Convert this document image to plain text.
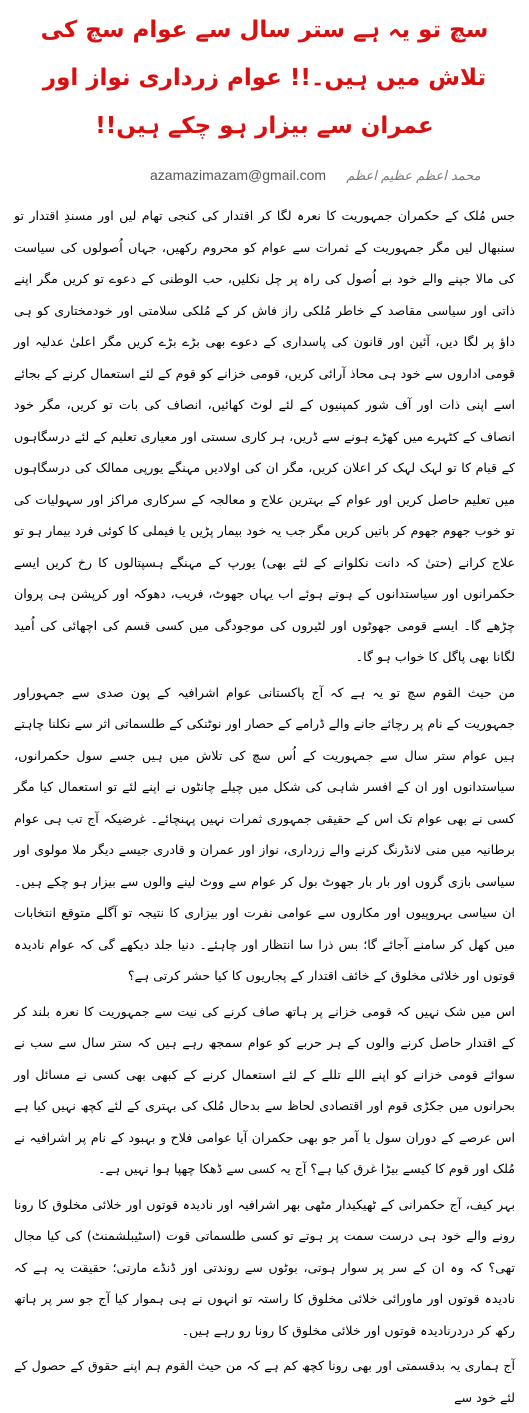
سچ تو یہ ہے ستر سال سے عوام سچ کی تلاش میں ہیں۔!! عوام زرداری نواز اور عمران سے بیزار ہو چکے ہیں!!
azamazimazam@gmail.com محمد اعظم عظیم اعظم

جس مُلک کے حکمران جمہوریت کا نعرہ لگا کر اقتدار کی کنجی تھام لیں اور مسندِ اقتدار تو سنبھال لیں مگر جمہوریت کے ثمرات سے عوام کو محروم رکھیں، جہاں اُصولوں کی سیاست کی مالا جپنے والے خود بے اُصول کی راہ پر چل نکلیں، حب الوطنی کے دعوے تو کریں مگر اپنے ذاتی اور سیاسی مقاصد کے خاطر مُلکی راز فاش کر کے مُلکی سلامتی اور خودمختاری کو ہی داؤ پر لگا دیں، آئین اور قانون کی پاسداری کے دعوے بھی بڑے بڑے کریں مگر اعلیٰ عدلیہ اور قومی اداروں سے خود ہی محاذ آرائی کریں، قومی خزانے کو قوم کے لئے استعمال کرنے کے بجائے اسے اپنی ذات اور آف شور کمپنیوں کے لئے لوٹ کھائیں، انصاف کی بات تو کریں، مگر خود انصاف کے کٹہرے میں کھڑے ہونے سے ڈریں، ہر کاری سستی اور معیاری تعلیم کے لئے درسگاہوں کے قیام کا تو لہک لہک کر اعلان کریں، مگر ان کی اولادیں مہنگے یورپی ممالک کی درسگاہوں میں تعلیم حاصل کریں اور عوام کے بہترین علاج و معالجہ کے سرکاری مراکز اور سہولیات کی تو خوب جھوم جھوم کر باتیں کریں مگر جب یہ خود بیمار پڑیں یا فیملی کا کوئی فرد بیمار ہو تو علاج کرانے (حتیٰ کہ دانت نکلوانے کے لئے بھی) یورپ کے مہنگے ہسپتالوں کا رخ کریں ایسے حکمرانوں اور سیاستدانوں کے ہوتے ہوئے اب یہاں جھوٹ، فریب، دھوکہ اور کرپشن ہی پروان چڑھے گا۔ ایسے قومی جھوٹوں اور لٹیروں کی موجودگی میں کسی قسم کی اچھائی کی اُمید لگانا بھی پاگل کا خواب ہو گا۔

من حیث القوم سچ تو یہ ہے کہ آج پاکستانی عوام اشرافیہ کے پون صدی سے جمہوراور جمہوریت کے نام پر رچائے جانے والے ڈرامے کے حصار اور نوٹنکی کے طلسماتی اثر سے نکلنا چاہتے ہیں عوام ستر سال سے جمہوریت کے اُس سچ کی تلاش میں ہیں جسے سول حکمرانوں، سیاستدانوں اور ان کے افسر شاہی کی شکل میں چیلے چانٹوں نے اپنے لئے تو استعمال کیا مگر کسی نے بھی عوام تک اس کے حقیقی جمہوری ثمرات نہیں پہنچائے۔ غرضیکہ آج تب ہی عوام برطانیہ میں منی لانڈرنگ کرنے والے زرداری، نواز اور عمران و قادری جیسے دیگر ملا مولوی اور سیاسی بازی گروں اور بار بار جھوٹ بول کر عوام سے ووٹ لینے والوں سے بیزار ہو چکے ہیں۔ ان سیاسی بہروپیوں اور مکاروں سے عوامی نفرت اور بیزاری کا نتیجہ تو آگلے متوقع انتخابات میں کھل کر سامنے آجائے گا؛ بس ذرا سا انتظار اور چاہئے۔ دنیا جلد دیکھے گی کہ عوام نادیدہ قوتوں اور خلائی مخلوق کے خائف اقتدار کے پجاریوں کا کیا حشر کرتی ہے؟

اس میں شک نہیں کہ قومی خزانے پر ہاتھ صاف کرنے کی نیت سے جمہوریت کا نعرہ بلند کر کے اقتدار حاصل کرنے والوں کے ہر حربے کو عوام سمجھ رہے ہیں کہ ستر سال سے سب نے سوائے قومی خزانے کو اپنے اللے تللے کے لئے استعمال کرنے کے کبھی بھی کسی نے مسائل اور بحرانوں میں جکڑی قوم اور اقتصادی لحاظ سے بدحال مُلک کی بہتری کے لئے کچھ نہیں کیا ہے اس عرصے کے دوران سول یا آمر جو بھی حکمران آیا عوامی فلاح و بہبود کے نام پر اشرافیہ نے مُلک اور قوم کا کیسے بیڑا غرق کیا ہے؟ آج یہ کسی سے ڈھکا چھپا ہوا نہیں ہے۔

بہر کیف، آج حکمرانی کے ٹھیکیدار مٹھی بھر اشرافیہ اور نادیدہ قوتوں اور خلائی مخلوق کا رونا رونے والے خود ہی درست سمت پر ہوتے تو کسی طلسماتی قوت (اسٹیبلشمنٹ) کی کیا مجال تھی؟ کہ وہ ان کے سر پر سوار ہوتی، بوٹوں سے روندتی اور ڈنڈے مارتی؛ حقیقت یہ ہے کہ نادیدہ قوتوں اور ماورائی خلائی مخلوق کا راستہ تو انہوں نے ہی ہموار کیا آج جو سر پر ہاتھ رکھ کر دردرنادیدہ قوتوں اور خلائی مخلوق کا رونا رو رہے ہیں۔

آج ہماری یہ بدقسمتی اور بھی رونا کچھ کم ہے کہ من حیث القوم ہم اپنے حقوق کے حصول کے لئے خود سے
